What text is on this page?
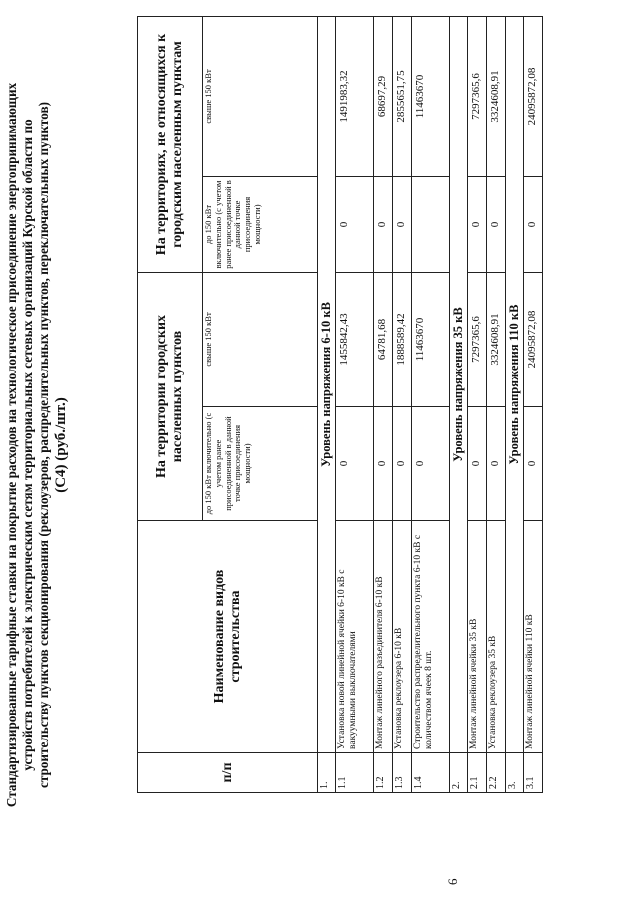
6
Стандартизированные тарифные ставки на покрытие расходов на технологическое присоединение энергопринимающих устройств потребителей к электрическим сетям территориальных сетевых организаций Курской области по строительству пунктов секционирования (реклоузеров, распределительных пунктов, переключательных пунктов) (С4) (руб./шт.)
п/п	Наименование видов строительства	На территории городских населенных пунктов		На территориях, не относящихся к городским населенным пунктам	
		до 150 кВт включительно (с учетом ранее присоединенной в данной точке присоединения мощности)	свыше 150 кВт	до 150 кВт включительно (с учетом ранее присоединенной в данной точке присоединения мощности)	свыше 150 кВт
1.	Уровень напряжения 6-10 кВ				
1.1	Установка новой линейной ячейки 6-10 кВ с вакуумными выключателями	0	1455842,43	0	1491983,32
1.2	Монтаж линейного разъединителя 6-10 кВ	0	64781,68	0	68697,29
1.3	Установка реклоузера 6-10 кВ	0	1888589,42	0	2855651,75
1.4	Строительство распределительного пункта 6-10 кВ с количеством ячеек 8 шт.	0	11463670		11463670
2.	Уровень напряжения 35 кВ				
2.1	Монтаж линейной ячейки 35 кВ	0	7297365,6	0	7297365,6
2.2	Установка реклоузера 35 кВ	0	3324608,91	0	3324608,91
3.	Уровень напряжения 110 кВ				
3.1	Монтаж линейной ячейки 110 кВ	0	24095872,08	0	24095872,08
